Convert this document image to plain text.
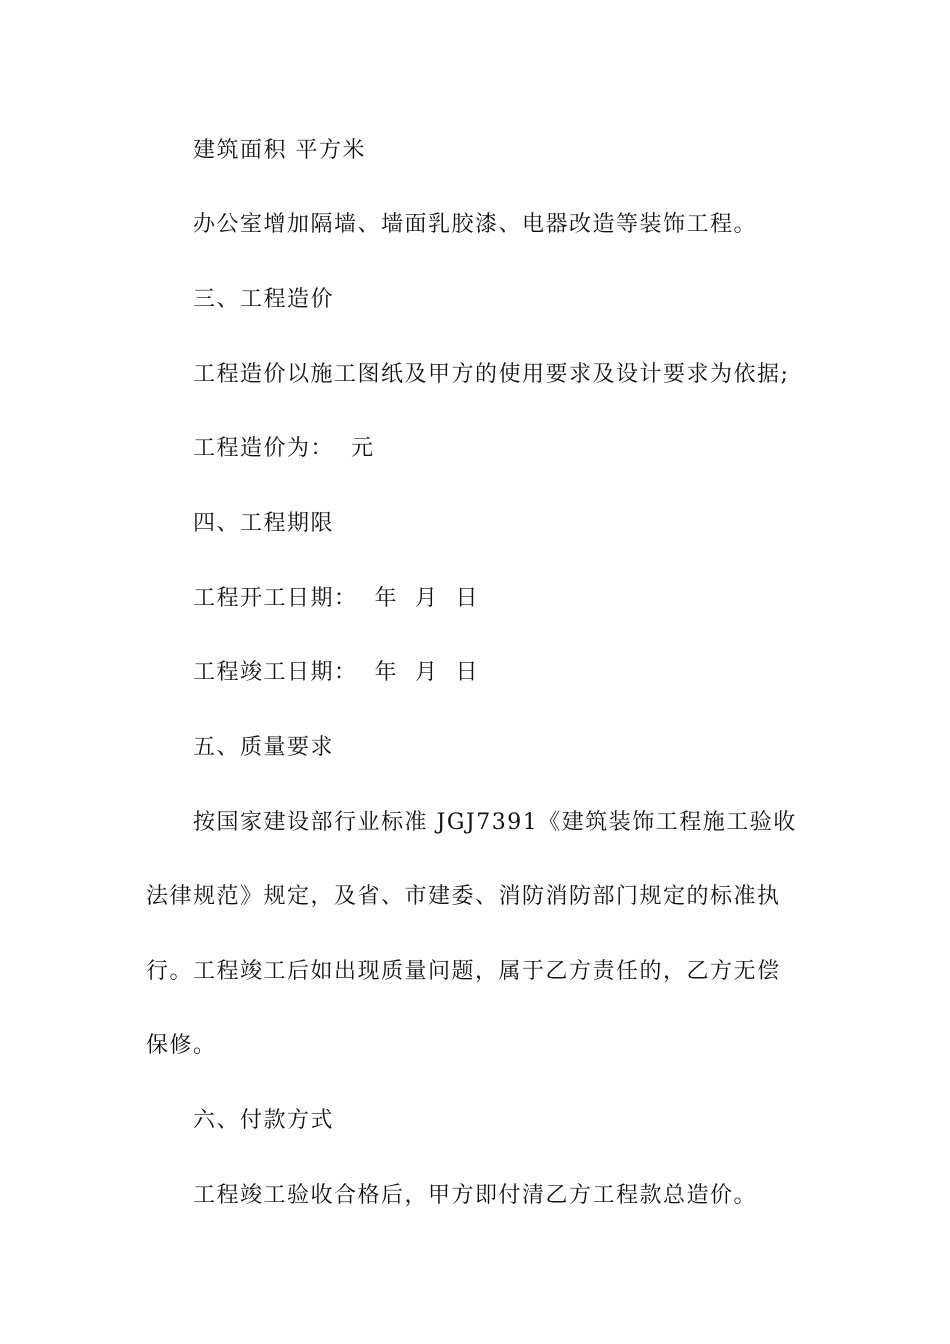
建筑面积 平方米
办公室增加隔墙、墙面乳胶漆、电器改造等装饰工程。
三、工程造价
工程造价以施工图纸及甲方的使用要求及设计要求为依据;
工程造价为：  元
四、工程期限
工程开工日期：  年  月  日
工程竣工日期：  年  月  日
五、质量要求
按国家建设部行业标准 JGJ7391《建筑装饰工程施工验收
法律规范》规定，及省、市建委、消防消防部门规定的标准执
行。工程竣工后如出现质量问题，属于乙方责任的，乙方无偿
保修。
六、付款方式
工程竣工验收合格后，甲方即付清乙方工程款总造价。
